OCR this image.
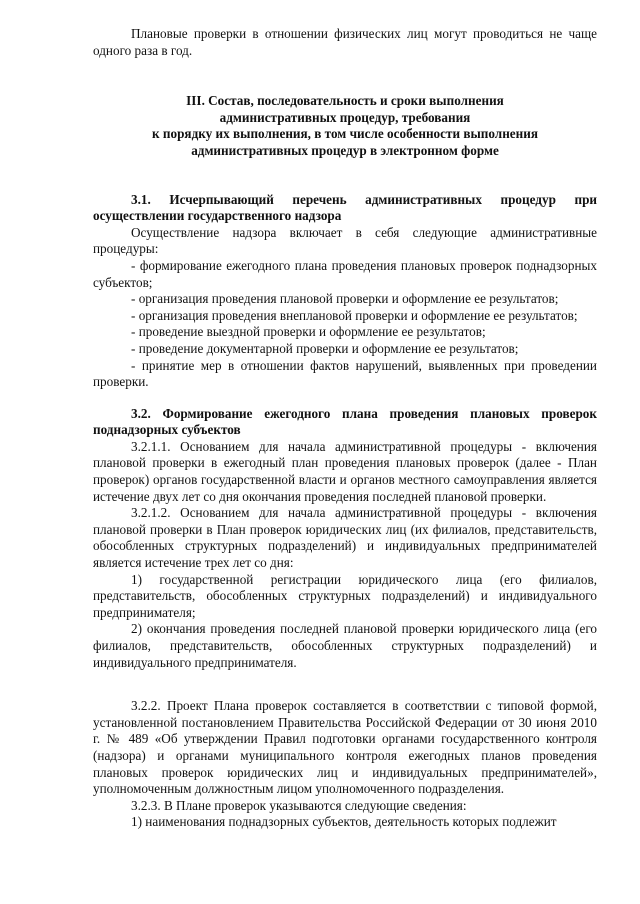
Плановые проверки в отношении физических лиц могут проводиться не чаще одного раза в год.

III. Состав, последовательность и сроки выполнения
административных процедур, требования
к порядку их выполнения, в том числе особенности выполнения
административных процедур в электронном форме

3.1. Исчерпывающий перечень административных процедур при осуществлении государственного надзора

Осуществление надзора включает в себя следующие административные процедуры:

- формирование ежегодного плана проведения плановых проверок поднадзорных субъектов;

- организация проведения плановой проверки и оформление ее результатов;

- организация проведения внеплановой проверки и оформление ее результатов;

- проведение выездной проверки и оформление ее результатов;

- проведение документарной проверки и оформление ее результатов;

- принятие мер в отношении фактов нарушений, выявленных при проведении проверки.

3.2. Формирование ежегодного плана проведения плановых проверок поднадзорных субъектов

3.2.1.1. Основанием для начала административной процедуры - включения плановой проверки в ежегодный план проведения плановых проверок (далее - План проверок) органов государственной власти и органов местного самоуправления является истечение двух лет со дня окончания проведения последней плановой проверки.

3.2.1.2. Основанием для начала административной процедуры - включения плановой проверки в План проверок юридических лиц (их филиалов, представительств, обособленных структурных подразделений) и индивидуальных предпринимателей является истечение трех лет со дня:

1) государственной регистрации юридического лица (его филиалов, представительств, обособленных структурных подразделений) и индивидуального предпринимателя;

2) окончания проведения последней плановой проверки юридического лица (его филиалов, представительств, обособленных структурных подразделений) и индивидуального предпринимателя.

3.2.2. Проект Плана проверок составляется в соответствии с типовой формой, установленной постановлением Правительства Российской Федерации от 30 июня 2010 г. № 489 «Об утверждении Правил подготовки органами государственного контроля (надзора) и органами муниципального контроля ежегодных планов проведения плановых проверок юридических лиц и индивидуальных предпринимателей», уполномоченным должностным лицом уполномоченного подразделения.

3.2.3. В Плане проверок указываются следующие сведения:

1) наименования поднадзорных субъектов, деятельность которых подлежит
